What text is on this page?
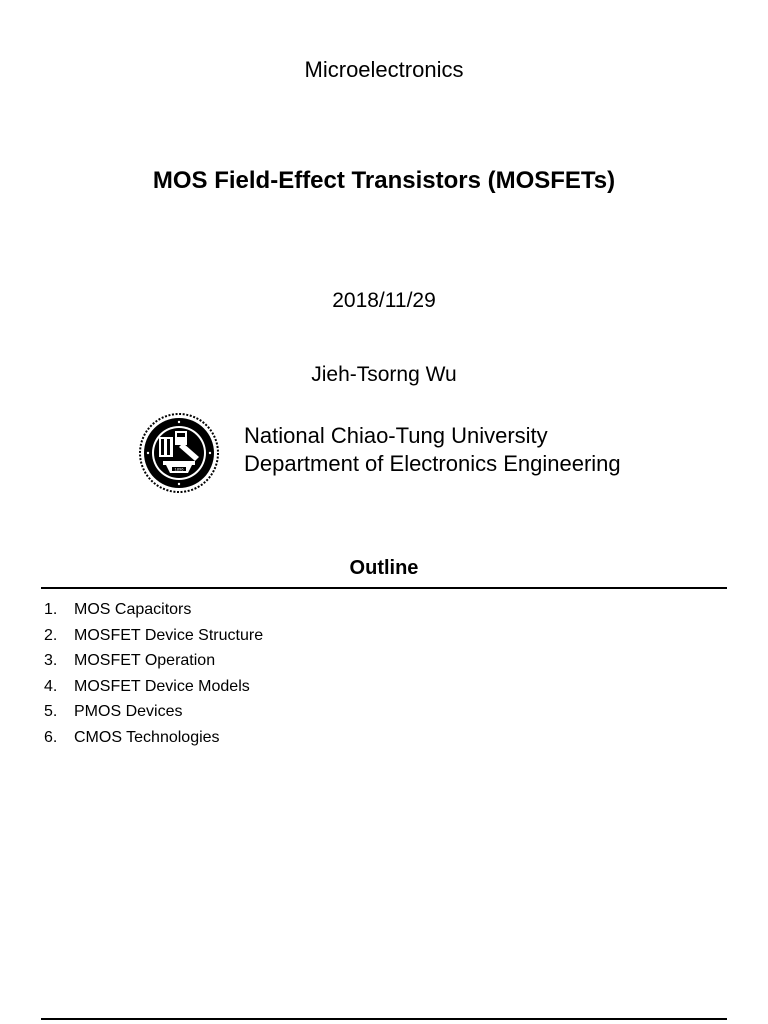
Microelectronics
MOS Field-Effect Transistors (MOSFETs)
2018/11/29
Jieh-Tsorng Wu
1896
National Chiao-Tung University
Department of Electronics Engineering
Outline
1. MOS Capacitors
2. MOSFET Device Structure
3. MOSFET Operation
4. MOSFET Device Models
5. PMOS Devices
6. CMOS Technologies
